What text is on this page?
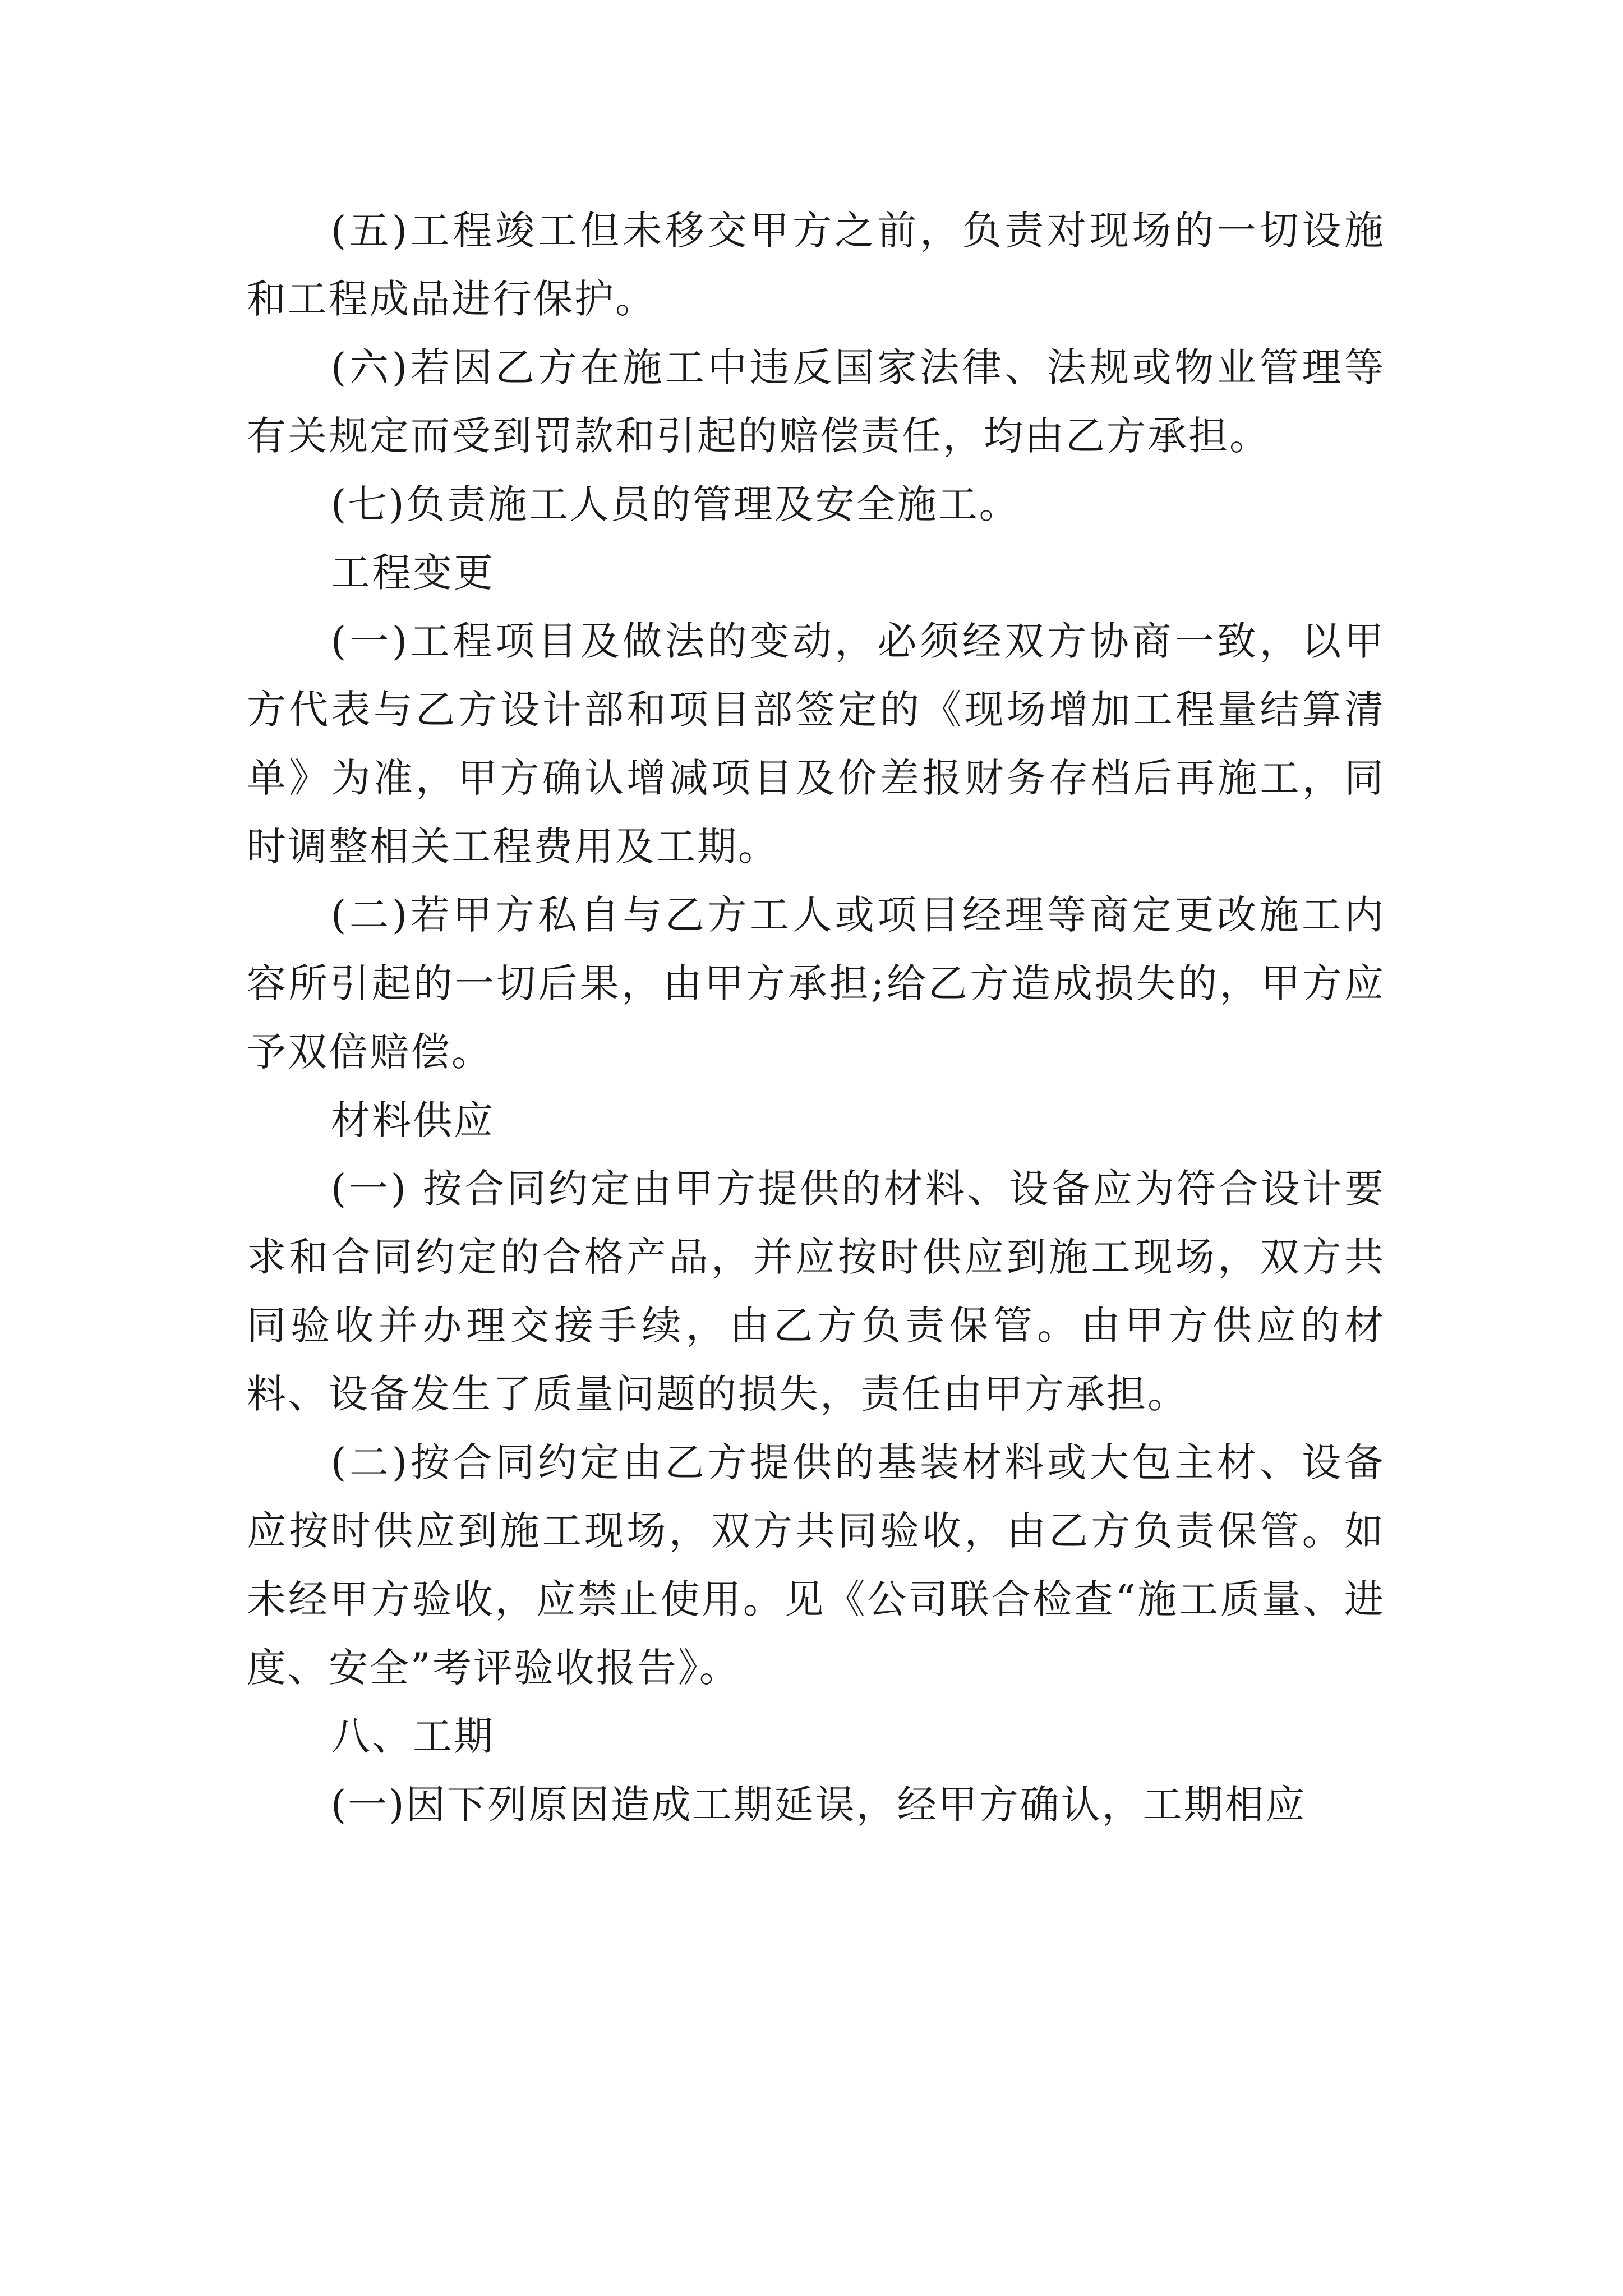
(五)工程竣工但未移交甲方之前，负责对现场的一切设施和工程成品进行保护。

(六)若因乙方在施工中违反国家法律、法规或物业管理等有关规定而受到罚款和引起的赔偿责任，均由乙方承担。

(七)负责施工人员的管理及安全施工。

工程变更

(一)工程项目及做法的变动，必须经双方协商一致，以甲方代表与乙方设计部和项目部签定的《现场增加工程量结算清单》为准，甲方确认增减项目及价差报财务存档后再施工，同时调整相关工程费用及工期。

(二)若甲方私自与乙方工人或项目经理等商定更改施工内容所引起的一切后果，由甲方承担;给乙方造成损失的，甲方应予双倍赔偿。

材料供应

(一) 按合同约定由甲方提供的材料、设备应为符合设计要求和合同约定的合格产品，并应按时供应到施工现场，双方共同验收并办理交接手续，由乙方负责保管。由甲方供应的材料、设备发生了质量问题的损失，责任由甲方承担。

(二)按合同约定由乙方提供的基装材料或大包主材、设备应按时供应到施工现场，双方共同验收，由乙方负责保管。如未经甲方验收，应禁止使用。见《公司联合检查“施工质量、进度、安全”考评验收报告》。

八、工期

(一)因下列原因造成工期延误，经甲方确认，工期相应
